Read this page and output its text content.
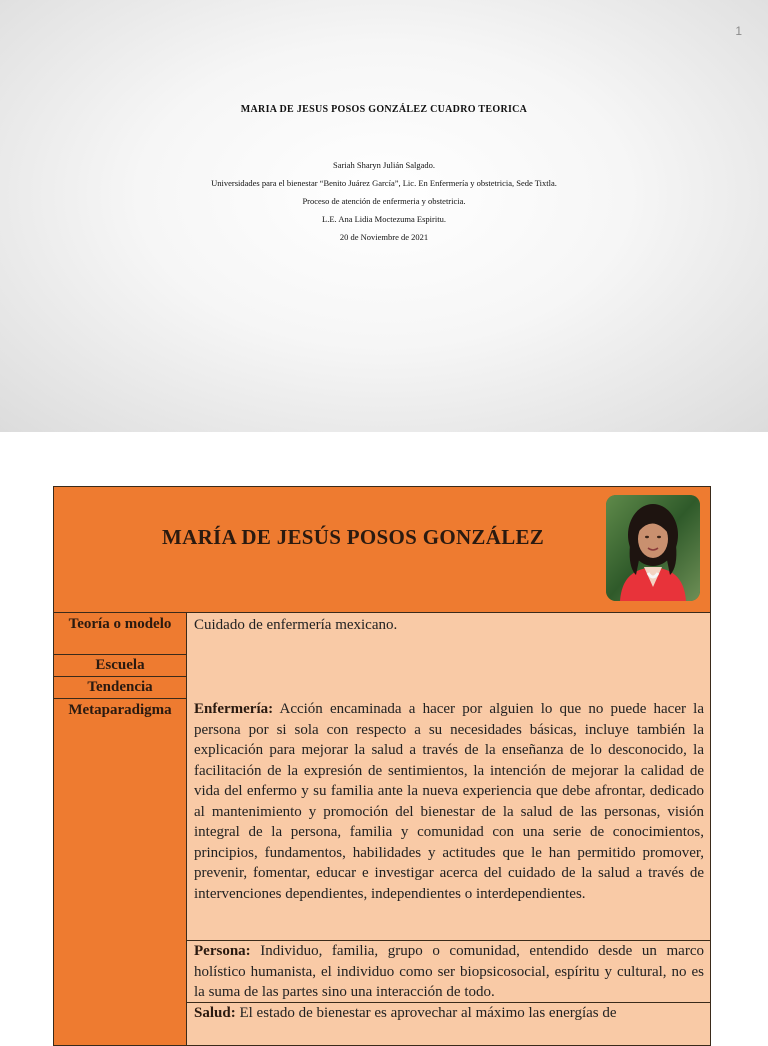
1
MARIA DE JESUS POSOS GONZÁLEZ CUADRO TEORICA
Sariah Sharyn Julián Salgado.
Universidades para el bienestar “Benito Juárez García”, Lic. En Enfermería y obstetricia, Sede Tixtla.
Proceso de atención de enfermeria y obstetricia.
L.E. Ana Lidia Moctezuma Espiritu.
20 de Noviembre de 2021
MARÍA DE JESÚS POSOS GONZÁLEZ
Teoría o modelo	Cuidado de enfermería mexicano.
Escuela
Tendencia
Metaparadigma	Enfermería: Acción encaminada a hacer por alguien lo que no puede hacer la persona por si sola con respecto a su necesidades básicas, incluye también la explicación para mejorar la salud a través de la enseñanza de lo desconocido, la facilitación de la expresión de sentimientos, la intención de mejorar la calidad de vida del enfermo y su familia ante la nueva experiencia que debe afrontar, dedicado al mantenimiento y promoción del bienestar de la salud de las personas, visión integral de la persona, familia y comunidad con una serie de conocimientos, principios, fundamentos, habilidades y actitudes que le han permitido promover, prevenir, fomentar, educar e investigar acerca del cuidado de la salud a través de intervenciones dependientes, independientes o interdependientes.
Persona: Individuo, familia, grupo o comunidad, entendido desde un marco holístico humanista, el individuo como ser biopsicosocial, espíritu y cultural, no es la suma de las partes sino una interacción de todo.
Salud: El estado de bienestar es aprovechar al máximo las energías de
